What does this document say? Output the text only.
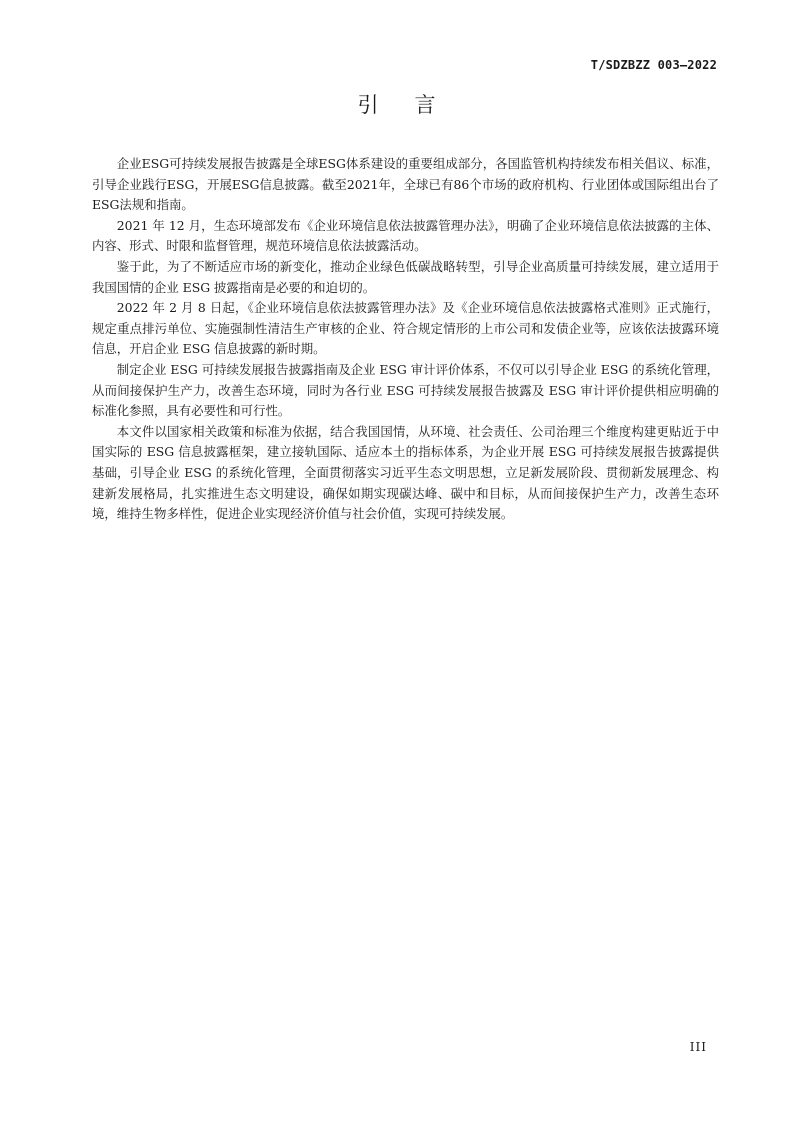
T/SDZBZZ 003—2022
引言

企业ESG可持续发展报告披露是全球ESG体系建设的重要组成部分，各国监管机构持续发布相关倡议、标准，引导企业践行ESG，开展ESG信息披露。截至2021年，全球已有86个市场的政府机构、行业团体或国际组出台了ESG法规和指南。

2021 年 12 月，生态环境部发布《企业环境信息依法披露管理办法》，明确了企业环境信息依法披露的主体、内容、形式、时限和监督管理，规范环境信息依法披露活动。

鉴于此，为了不断适应市场的新变化，推动企业绿色低碳战略转型，引导企业高质量可持续发展，建立适用于我国国情的企业 ESG 披露指南是必要的和迫切的。

2022 年 2 月 8 日起，《企业环境信息依法披露管理办法》及《企业环境信息依法披露格式准则》正式施行，规定重点排污单位、实施强制性清洁生产审核的企业、符合规定情形的上市公司和发债企业等，应该依法披露环境信息，开启企业 ESG 信息披露的新时期。

制定企业 ESG 可持续发展报告披露指南及企业 ESG 审计评价体系，不仅可以引导企业 ESG 的系统化管理，从而间接保护生产力，改善生态环境，同时为各行业 ESG 可持续发展报告披露及 ESG 审计评价提供相应明确的标准化参照，具有必要性和可行性。

本文件以国家相关政策和标准为依据，结合我国国情，从环境、社会责任、公司治理三个维度构建更贴近于中国实际的 ESG 信息披露框架，建立接轨国际、适应本土的指标体系，为企业开展 ESG 可持续发展报告披露提供基础，引导企业 ESG 的系统化管理，全面贯彻落实习近平生态文明思想，立足新发展阶段、贯彻新发展理念、构建新发展格局，扎实推进生态文明建设，确保如期实现碳达峰、碳中和目标，从而间接保护生产力，改善生态环境，维持生物多样性，促进企业实现经济价值与社会价值，实现可持续发展。

III
